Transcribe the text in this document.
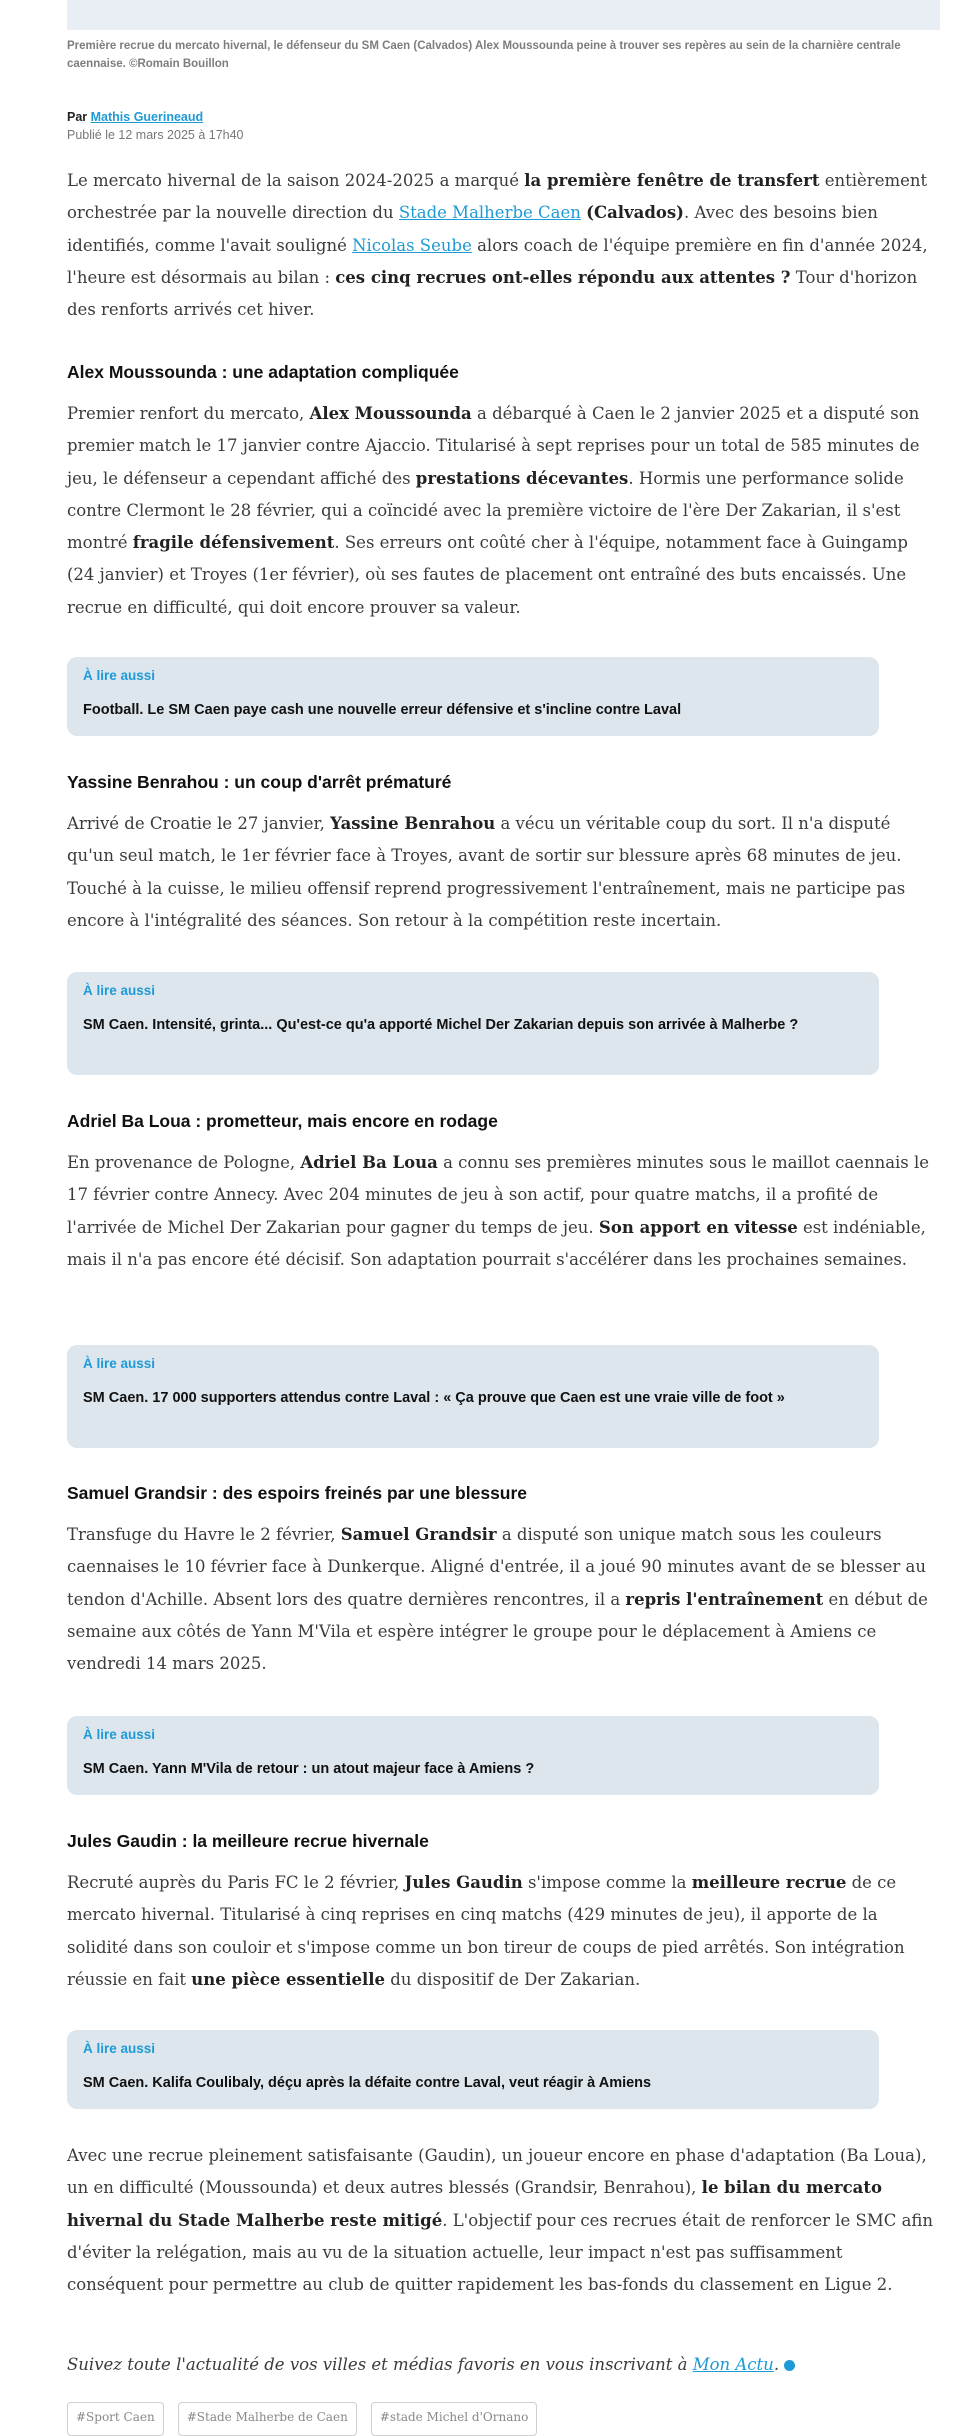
Première recrue du mercato hivernal, le défenseur du SM Caen (Calvados) Alex Moussounda peine à trouver ses repères au sein de la charnière centrale caennaise. ©Romain Bouillon

Par Mathis Guerineaud

Publié le 12 mars 2025 à 17h40

Le mercato hivernal de la saison 2024-2025 a marqué la première fenêtre de transfert entièrement orchestrée par la nouvelle direction du Stade Malherbe Caen (Calvados). Avec des besoins bien identifiés, comme l'avait souligné Nicolas Seube alors coach de l'équipe première en fin d'année 2024, l'heure est désormais au bilan : ces cinq recrues ont-elles répondu aux attentes ? Tour d'horizon des renforts arrivés cet hiver.

Alex Moussounda : une adaptation compliquée

Premier renfort du mercato, Alex Moussounda a débarqué à Caen le 2 janvier 2025 et a disputé son premier match le 17 janvier contre Ajaccio. Titularisé à sept reprises pour un total de 585 minutes de jeu, le défenseur a cependant affiché des prestations décevantes. Hormis une performance solide contre Clermont le 28 février, qui a coïncidé avec la première victoire de l'ère Der Zakarian, il s'est montré fragile défensivement. Ses erreurs ont coûté cher à l'équipe, notamment face à Guingamp (24 janvier) et Troyes (1er février), où ses fautes de placement ont entraîné des buts encaissés. Une recrue en difficulté, qui doit encore prouver sa valeur.

À lire aussi
Football. Le SM Caen paye cash une nouvelle erreur défensive et s'incline contre Laval
Yassine Benrahou : un coup d'arrêt prématuré

Arrivé de Croatie le 27 janvier, Yassine Benrahou a vécu un véritable coup du sort. Il n'a disputé qu'un seul match, le 1er février face à Troyes, avant de sortir sur blessure après 68 minutes de jeu. Touché à la cuisse, le milieu offensif reprend progressivement l'entraînement, mais ne participe pas encore à l'intégralité des séances. Son retour à la compétition reste incertain.

À lire aussi
SM Caen. Intensité, grinta... Qu'est-ce qu'a apporté Michel Der Zakarian depuis son arrivée à Malherbe ?
Adriel Ba Loua : prometteur, mais encore en rodage

En provenance de Pologne, Adriel Ba Loua a connu ses premières minutes sous le maillot caennais le 17 février contre Annecy. Avec 204 minutes de jeu à son actif, pour quatre matchs, il a profité de l'arrivée de Michel Der Zakarian pour gagner du temps de jeu. Son apport en vitesse est indéniable, mais il n'a pas encore été décisif. Son adaptation pourrait s'accélérer dans les prochaines semaines.

À lire aussi
SM Caen. 17 000 supporters attendus contre Laval : « Ça prouve que Caen est une vraie ville de foot »
Samuel Grandsir : des espoirs freinés par une blessure

Transfuge du Havre le 2 février, Samuel Grandsir a disputé son unique match sous les couleurs caennaises le 10 février face à Dunkerque. Aligné d'entrée, il a joué 90 minutes avant de se blesser au tendon d'Achille. Absent lors des quatre dernières rencontres, il a repris l'entraînement en début de semaine aux côtés de Yann M'Vila et espère intégrer le groupe pour le déplacement à Amiens ce vendredi 14 mars 2025.

À lire aussi
SM Caen. Yann M'Vila de retour : un atout majeur face à Amiens ?
Jules Gaudin : la meilleure recrue hivernale

Recruté auprès du Paris FC le 2 février, Jules Gaudin s'impose comme la meilleure recrue de ce mercato hivernal. Titularisé à cinq reprises en cinq matchs (429 minutes de jeu), il apporte de la solidité dans son couloir et s'impose comme un bon tireur de coups de pied arrêtés. Son intégration réussie en fait une pièce essentielle du dispositif de Der Zakarian.

À lire aussi
SM Caen. Kalifa Coulibaly, déçu après la défaite contre Laval, veut réagir à Amiens

Avec une recrue pleinement satisfaisante (Gaudin), un joueur encore en phase d'adaptation (Ba Loua), un en difficulté (Moussounda) et deux autres blessés (Grandsir, Benrahou), le bilan du mercato hivernal du Stade Malherbe reste mitigé. L'objectif pour ces recrues était de renforcer le SMC afin d'éviter la relégation, mais au vu de la situation actuelle, leur impact n'est pas suffisamment conséquent pour permettre au club de quitter rapidement les bas-fonds du classement en Ligue 2.

Suivez toute l'actualité de vos villes et médias favoris en vous inscrivant à Mon Actu.

#Sport Caen	#Stade Malherbe de Caen	#stade Michel d'Ornano
